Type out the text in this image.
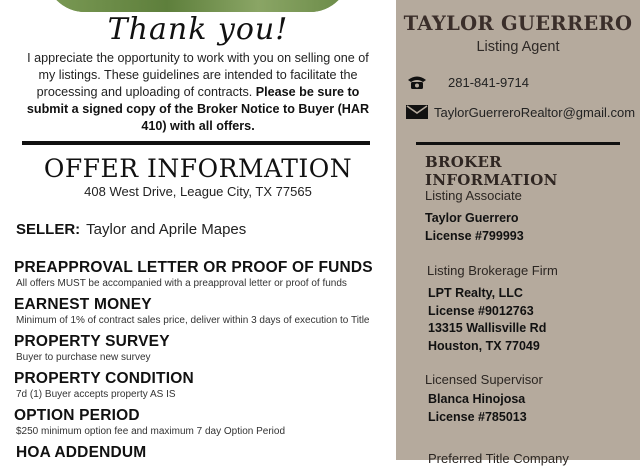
Thank you!
I appreciate the opportunity to work with you on selling one of my listings. These guidelines are intended to facilitate the processing and uploading of contracts. Please be sure to submit a signed copy of the Broker Notice to Buyer (HAR 410) with all offers.
OFFER INFORMATION
408 West Drive, League City, TX 77565
SELLER: Taylor and Aprile Mapes
PREAPPROVAL LETTER OR PROOF OF FUNDS
All offers MUST be accompanied with a preapproval letter or proof of funds
EARNEST MONEY
Minimum of 1% of contract sales price, deliver within 3 days of execution to Title
PROPERTY SURVEY
Buyer to purchase new survey
PROPERTY CONDITION
7d (1) Buyer accepts property AS IS
OPTION PERIOD
$250 minimum option fee and maximum 7 day Option Period
HOA ADDENDUM
TAYLOR GUERRERO
Listing Agent
281-841-9714
TaylorGuerreroRealtor@gmail.com
BROKER INFORMATION
Listing Associate
Taylor Guerrero
License #799993
Listing Brokerage Firm
LPT Realty, LLC
License #9012763
13315 Wallisville Rd
Houston, TX 77049
Licensed Supervisor
Blanca Hinojosa
License #785013
Preferred Title Company
